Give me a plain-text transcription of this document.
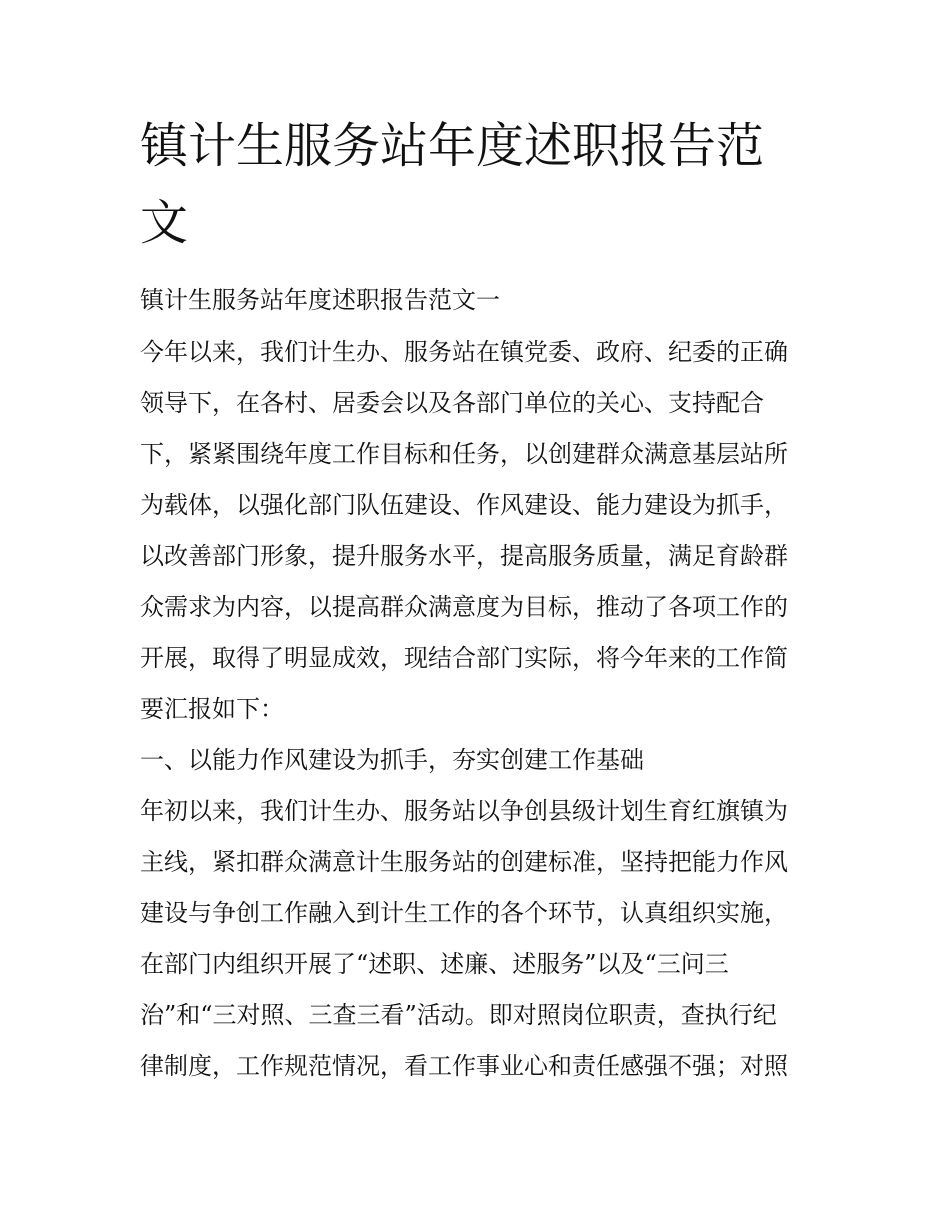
镇计生服务站年度述职报告范
文
镇计生服务站年度述职报告范文一
今年以来，我们计生办、服务站在镇党委、政府、纪委的正确
领导下，在各村、居委会以及各部门单位的关心、支持配合
下，紧紧围绕年度工作目标和任务，以创建群众满意基层站所
为载体，以强化部门队伍建设、作风建设、能力建设为抓手，
以改善部门形象，提升服务水平，提高服务质量，满足育龄群
众需求为内容，以提高群众满意度为目标，推动了各项工作的
开展，取得了明显成效，现结合部门实际，将今年来的工作简
要汇报如下：
一、以能力作风建设为抓手，夯实创建工作基础
年初以来，我们计生办、服务站以争创县级计划生育红旗镇为
主线，紧扣群众满意计生服务站的创建标准，坚持把能力作风
建设与争创工作融入到计生工作的各个环节，认真组织实施，
在部门内组织开展了“述职、述廉、述服务”以及“三问三
治”和“三对照、三查三看”活动。即对照岗位职责，查执行纪
律制度，工作规范情况，看工作事业心和责任感强不强；对照
